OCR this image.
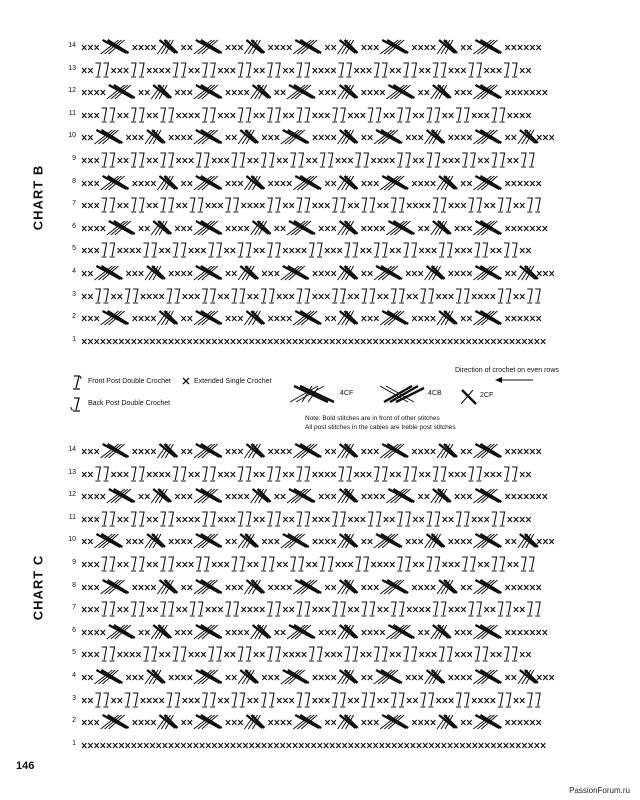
CHART B
14
13
12
11
10
9
8
7
6
5
4
3
2
1
Direction of crochet on even rows
Front Post Double Crochet	Extended Single Crochet
Back Post Double Crochet
4CF	4CB	2CF
Note: Bold stitches are in front of other stitches
All post stitches in the cables are treble post stitches
CHART C
14
13
12
11
10
9
8
7
6
5
4
3
2
1
146
PassionForum.ru
